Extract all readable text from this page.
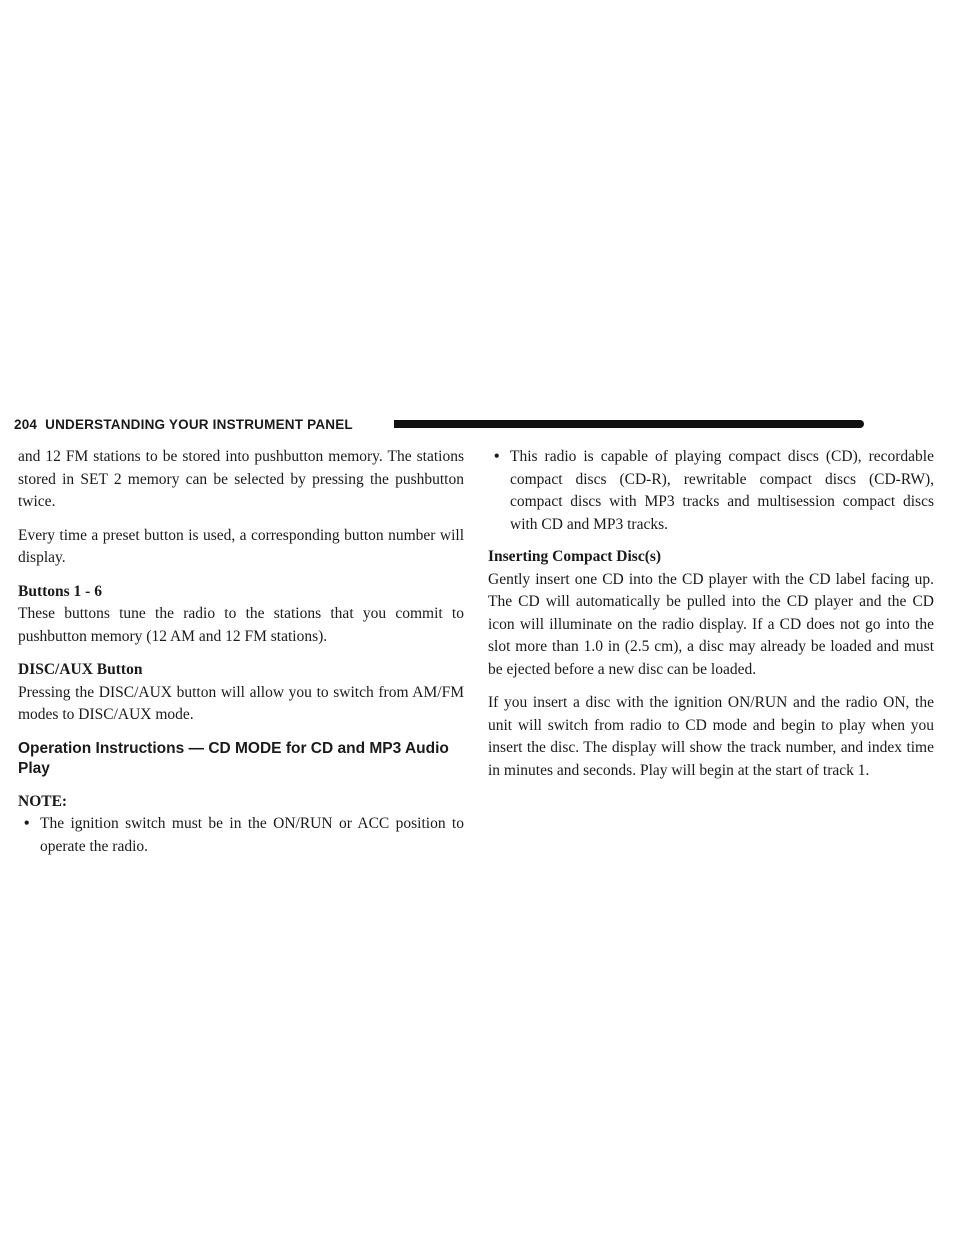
204 UNDERSTANDING YOUR INSTRUMENT PANEL

and 12 FM stations to be stored into pushbutton memory. The stations stored in SET 2 memory can be selected by pressing the pushbutton twice.

Every time a preset button is used, a corresponding button number will display.

Buttons 1 - 6

These buttons tune the radio to the stations that you commit to pushbutton memory (12 AM and 12 FM stations).

DISC/AUX Button

Pressing the DISC/AUX button will allow you to switch from AM/FM modes to DISC/AUX mode.

Operation Instructions — CD MODE for CD and MP3 Audio Play
NOTE:
• The ignition switch must be in the ON/RUN or ACC position to operate the radio.
• This radio is capable of playing compact discs (CD), recordable compact discs (CD-R), rewritable compact discs (CD-RW), compact discs with MP3 tracks and multisession compact discs with CD and MP3 tracks.
Inserting Compact Disc(s)

Gently insert one CD into the CD player with the CD label facing up. The CD will automatically be pulled into the CD player and the CD icon will illuminate on the radio display. If a CD does not go into the slot more than 1.0 in (2.5 cm), a disc may already be loaded and must be ejected before a new disc can be loaded.

If you insert a disc with the ignition ON/RUN and the radio ON, the unit will switch from radio to CD mode and begin to play when you insert the disc. The display will show the track number, and index time in minutes and seconds. Play will begin at the start of track 1.
